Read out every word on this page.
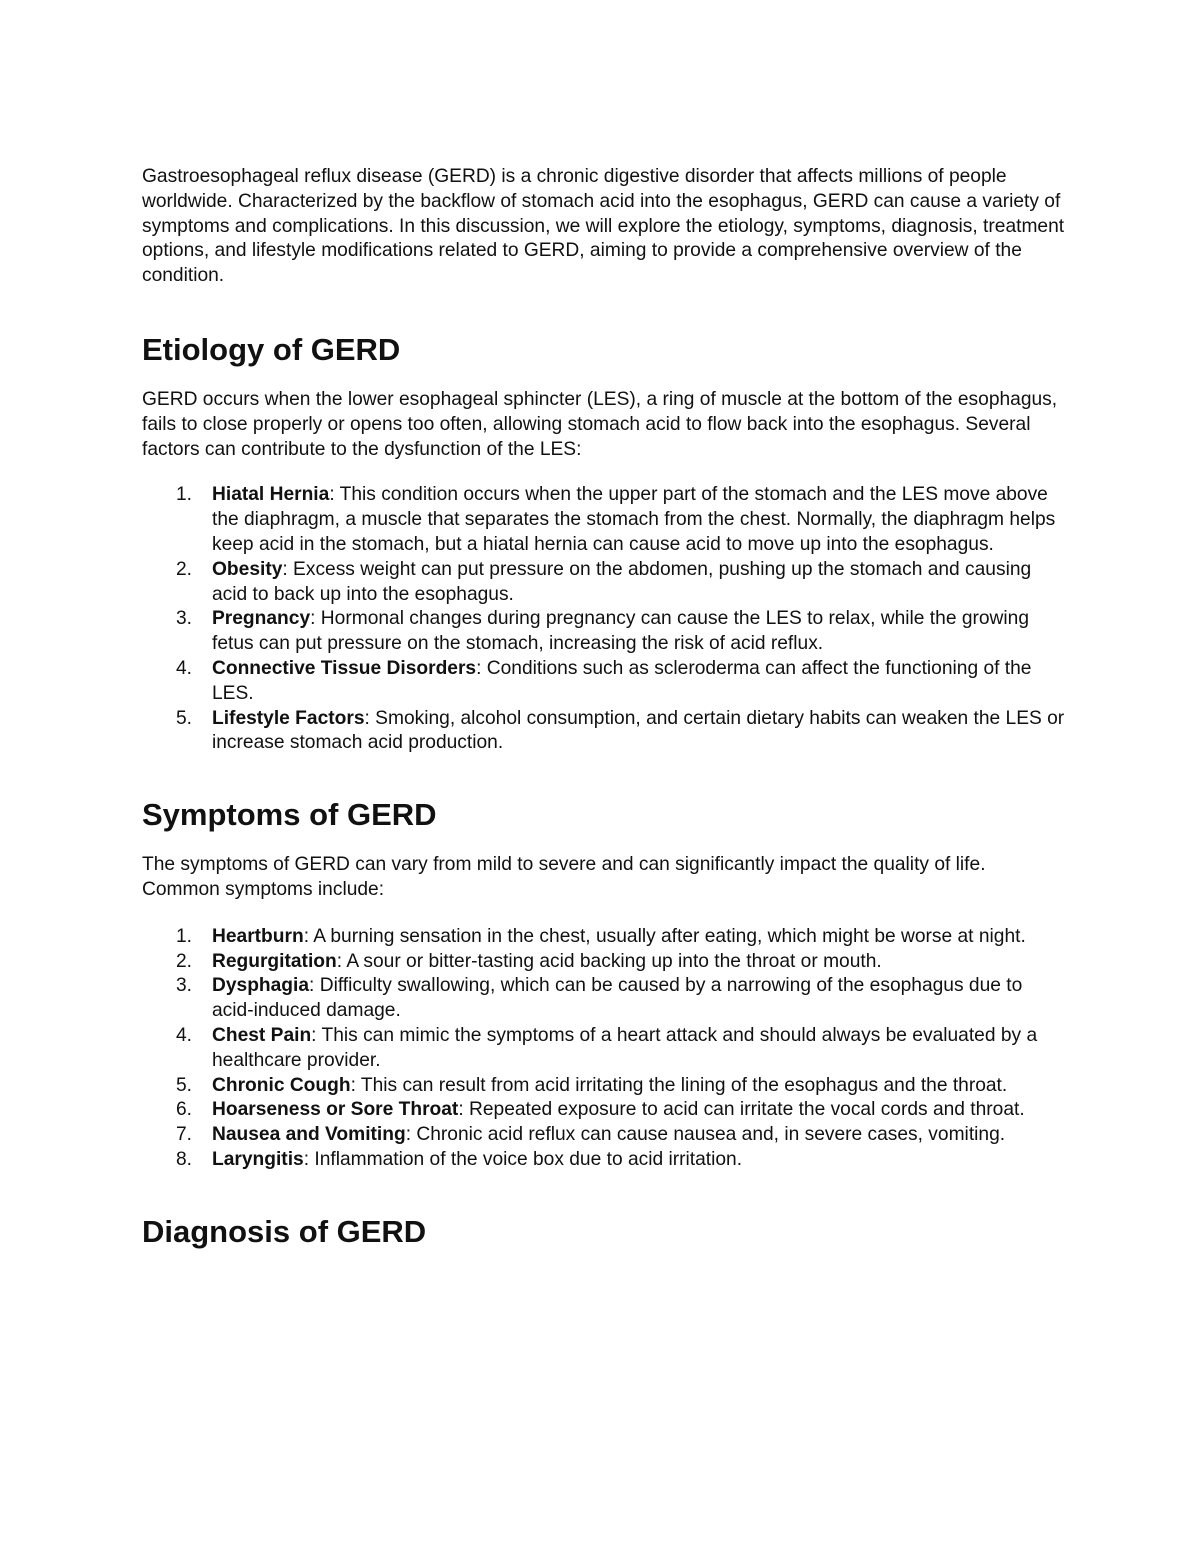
Gastroesophageal reflux disease (GERD) is a chronic digestive disorder that affects millions of people worldwide. Characterized by the backflow of stomach acid into the esophagus, GERD can cause a variety of symptoms and complications. In this discussion, we will explore the etiology, symptoms, diagnosis, treatment options, and lifestyle modifications related to GERD, aiming to provide a comprehensive overview of the condition.

Etiology of GERD

GERD occurs when the lower esophageal sphincter (LES), a ring of muscle at the bottom of the esophagus, fails to close properly or opens too often, allowing stomach acid to flow back into the esophagus. Several factors can contribute to the dysfunction of the LES:

1. Hiatal Hernia: This condition occurs when the upper part of the stomach and the LES move above the diaphragm, a muscle that separates the stomach from the chest. Normally, the diaphragm helps keep acid in the stomach, but a hiatal hernia can cause acid to move up into the esophagus.
2. Obesity: Excess weight can put pressure on the abdomen, pushing up the stomach and causing acid to back up into the esophagus.
3. Pregnancy: Hormonal changes during pregnancy can cause the LES to relax, while the growing fetus can put pressure on the stomach, increasing the risk of acid reflux.
4. Connective Tissue Disorders: Conditions such as scleroderma can affect the functioning of the LES.
5. Lifestyle Factors: Smoking, alcohol consumption, and certain dietary habits can weaken the LES or increase stomach acid production.
Symptoms of GERD

The symptoms of GERD can vary from mild to severe and can significantly impact the quality of life. Common symptoms include:

1. Heartburn: A burning sensation in the chest, usually after eating, which might be worse at night.
2. Regurgitation: A sour or bitter-tasting acid backing up into the throat or mouth.
3. Dysphagia: Difficulty swallowing, which can be caused by a narrowing of the esophagus due to acid-induced damage.
4. Chest Pain: This can mimic the symptoms of a heart attack and should always be evaluated by a healthcare provider.
5. Chronic Cough: This can result from acid irritating the lining of the esophagus and the throat.
6. Hoarseness or Sore Throat: Repeated exposure to acid can irritate the vocal cords and throat.
7. Nausea and Vomiting: Chronic acid reflux can cause nausea and, in severe cases, vomiting.
8. Laryngitis: Inflammation of the voice box due to acid irritation.
Diagnosis of GERD
